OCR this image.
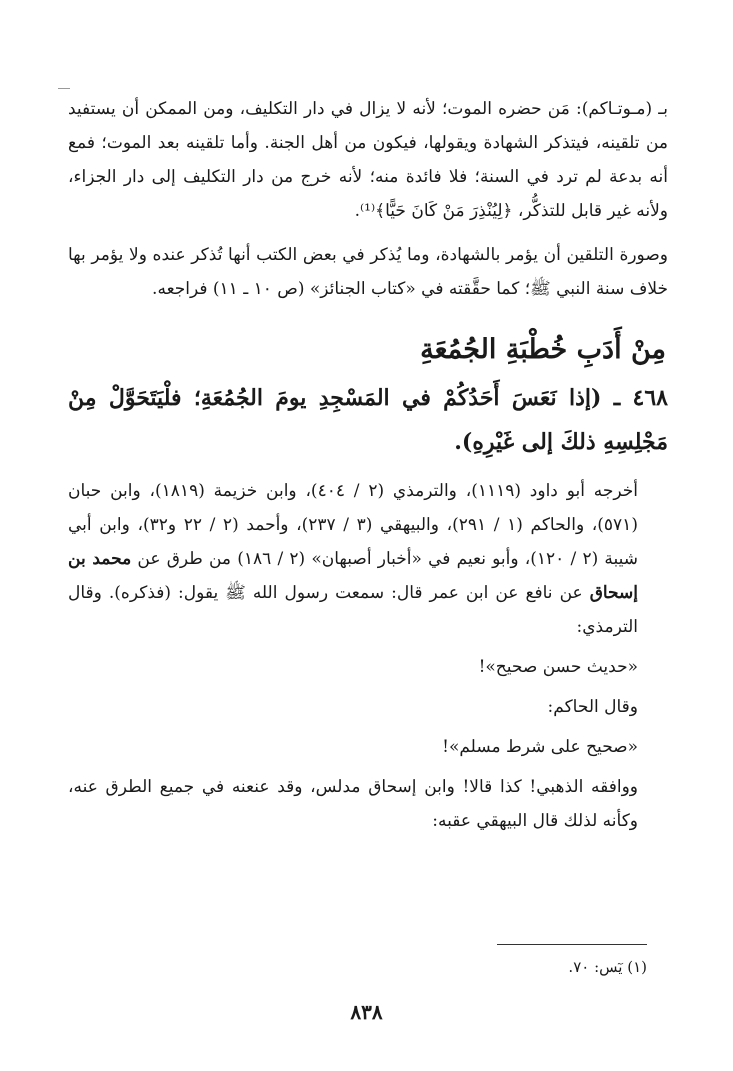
بـ (مـوتـاكم): مَن حضره الموت؛ لأنه لا يزال في دار التكليف، ومن الممكن أن يستفيد من تلقينه، فيتذكر الشهادة ويقولها، فيكون من أهل الجنة. وأما تلقينه بعد الموت؛ فمع أنه بدعة لم ترد في السنة؛ فلا فائدة منه؛ لأنه خرج من دار التكليف إلى دار الجزاء، ولأنه غير قابل للتذكُّر، ﴿لِيُنْذِرَ مَنْ كَانَ حَيًّا﴾⁽¹⁾.

وصورة التلقين أن يؤمر بالشهادة، وما يُذكر في بعض الكتب أنها تُذكر عنده ولا يؤمر بها خلاف سنة النبي ﷺ؛ كما حقَّقته في «كتاب الجنائز» (ص ١٠ ـ ١١) فراجعه.

مِنْ أَدَبِ خُطْبَةِ الجُمُعَةِ
٤٦٨ ـ (إذا نَعَسَ أَحَدُكُمْ في المَسْجِدِ يومَ الجُمُعَةِ؛ فلْيَتَحَوَّلْ مِنْ مَجْلِسِهِ ذلكَ إلى غَيْرِهِ).

أخرجه أبو داود (١١١٩)، والترمذي (٢ / ٤٠٤)، وابن خزيمة (١٨١٩)، وابن حبان (٥٧١)، والحاكم (١ / ٢٩١)، والبيهقي (٣ / ٢٣٧)، وأحمد (٢ / ٢٢ و٣٢)، وابن أبي شيبة (٢ / ١٢٠)، وأبو نعيم في «أخبار أصبهان» (٢ / ١٨٦) من طرق عن محمد بن إسحاق عن نافع عن ابن عمر قال: سمعت رسول الله ﷺ يقول: (فذكره). وقال الترمذي:

«حديث حسن صحيح»!

وقال الحاكم:

«صحيح على شرط مسلم»!

ووافقه الذهبي! كذا قالا! وابن إسحاق مدلس، وقد عنعنه في جميع الطرق عنه، وكأنه لذلك قال البيهقي عقبه:

(١) يٓس: ٧٠.
٨٣٨
